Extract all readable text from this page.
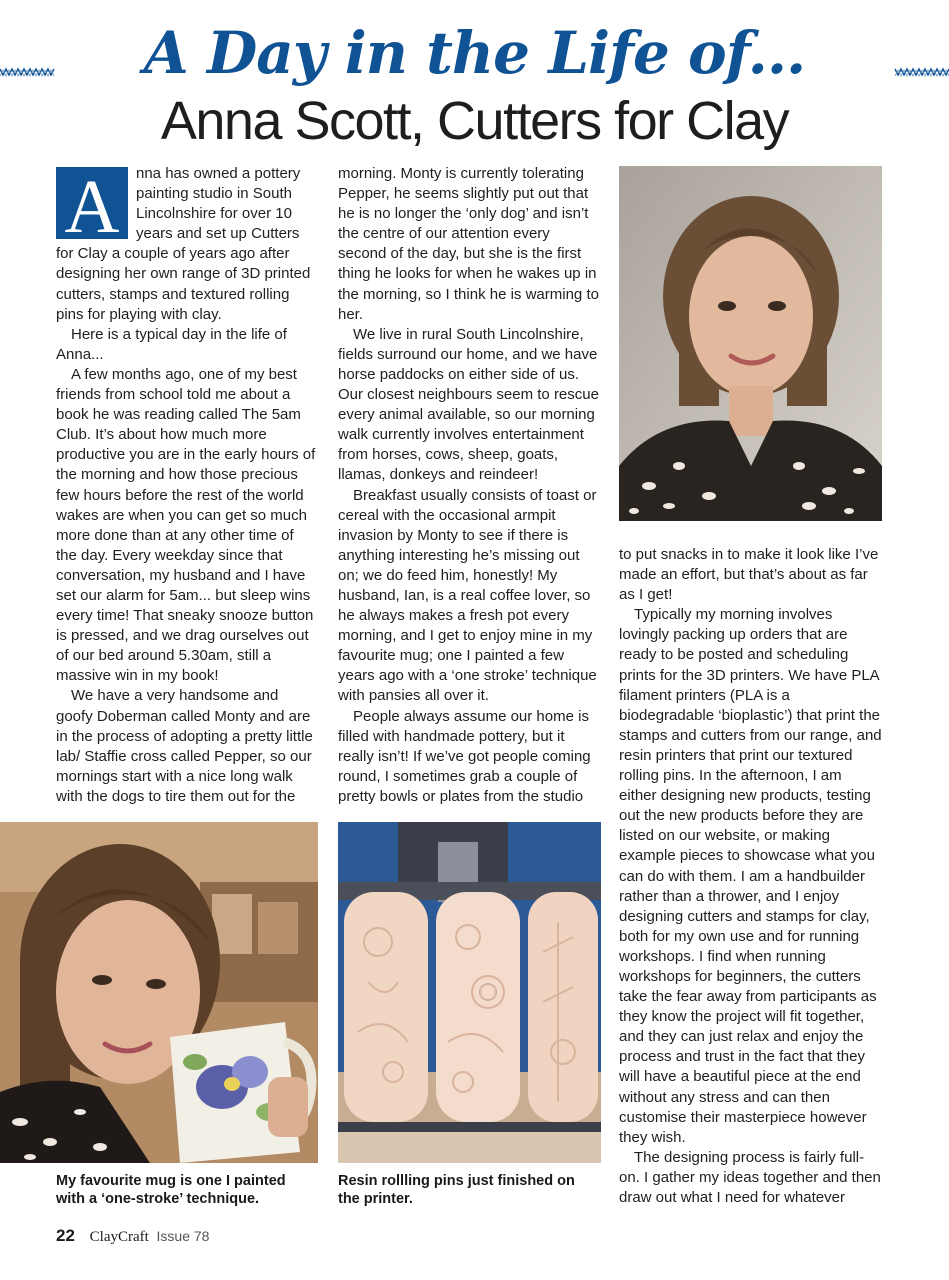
A Day in the Life of...
Anna Scott, Cutters for Clay
A	nna has owned a pottery painting studio in South Lincolnshire for over 10 years and set up Cutters for Clay a couple of years ago after designing her own range of 3D printed cutters, stamps and textured rolling pins for playing with clay.

Here is a typical day in the life of Anna...

A few months ago, one of my best friends from school told me about a book he was reading called The 5am Club. It’s about how much more productive you are in the early hours of the morning and how those precious few hours before the rest of the world wakes are when you can get so much more done than at any other time of the day. Every weekday since that conversation, my husband and I have set our alarm for 5am... but sleep wins every time! That sneaky snooze button is pressed, and we drag ourselves out of our bed around 5.30am, still a massive win in my book!

We have a very handsome and goofy Doberman called Monty and are in the process of adopting a pretty little lab/ Staffie cross called Pepper, so our mornings start with a nice long walk with the dogs to tire them out for the

morning. Monty is currently tolerating Pepper, he seems slightly put out that he is no longer the ‘only dog’ and isn’t the centre of our attention every second of the day, but she is the first thing he looks for when he wakes up in the morning, so I think he is warming to her.

We live in rural South Lincolnshire, fields surround our home, and we have horse paddocks on either side of us. Our closest neighbours seem to rescue every animal available, so our morning walk currently involves entertainment from horses, cows, sheep, goats, llamas, donkeys and reindeer!

Breakfast usually consists of toast or cereal with the occasional armpit invasion by Monty to see if there is anything interesting he’s missing out on; we do feed him, honestly! My husband, Ian, is a real coffee lover, so he always makes a fresh pot every morning, and I get to enjoy mine in my favourite mug; one I painted a few years ago with a ‘one stroke’ technique with pansies all over it.

People always assume our home is filled with handmade pottery, but it really isn’t! If we’ve got people coming round, I sometimes grab a couple of pretty bowls or plates from the studio

to put snacks in to make it look like I’ve made an effort, but that’s about as far as I get!

Typically my morning involves lovingly packing up orders that are ready to be posted and scheduling prints for the 3D printers. We have PLA filament printers (PLA is a biodegradable ‘bioplastic’) that print the stamps and cutters from our range, and resin printers that print our textured rolling pins. In the afternoon, I am either designing new products, testing out the new products before they are listed on our website, or making example pieces to showcase what you can do with them. I am a handbuilder rather than a thrower, and I enjoy designing cutters and stamps for clay, both for my own use and for running workshops. I find when running workshops for beginners, the cutters take the fear away from participants as they know the project will fit together, and they can just relax and enjoy the process and trust in the fact that they will have a beautiful piece at the end without any stress and can then customise their masterpiece however they wish.

The designing process is fairly full-on. I gather my ideas together and then draw out what I need for whatever

My favourite mug is one I painted with a ‘one-stroke’ technique.
Resin rollling pins just finished on the printer.
22 ClayCraft Issue 78
